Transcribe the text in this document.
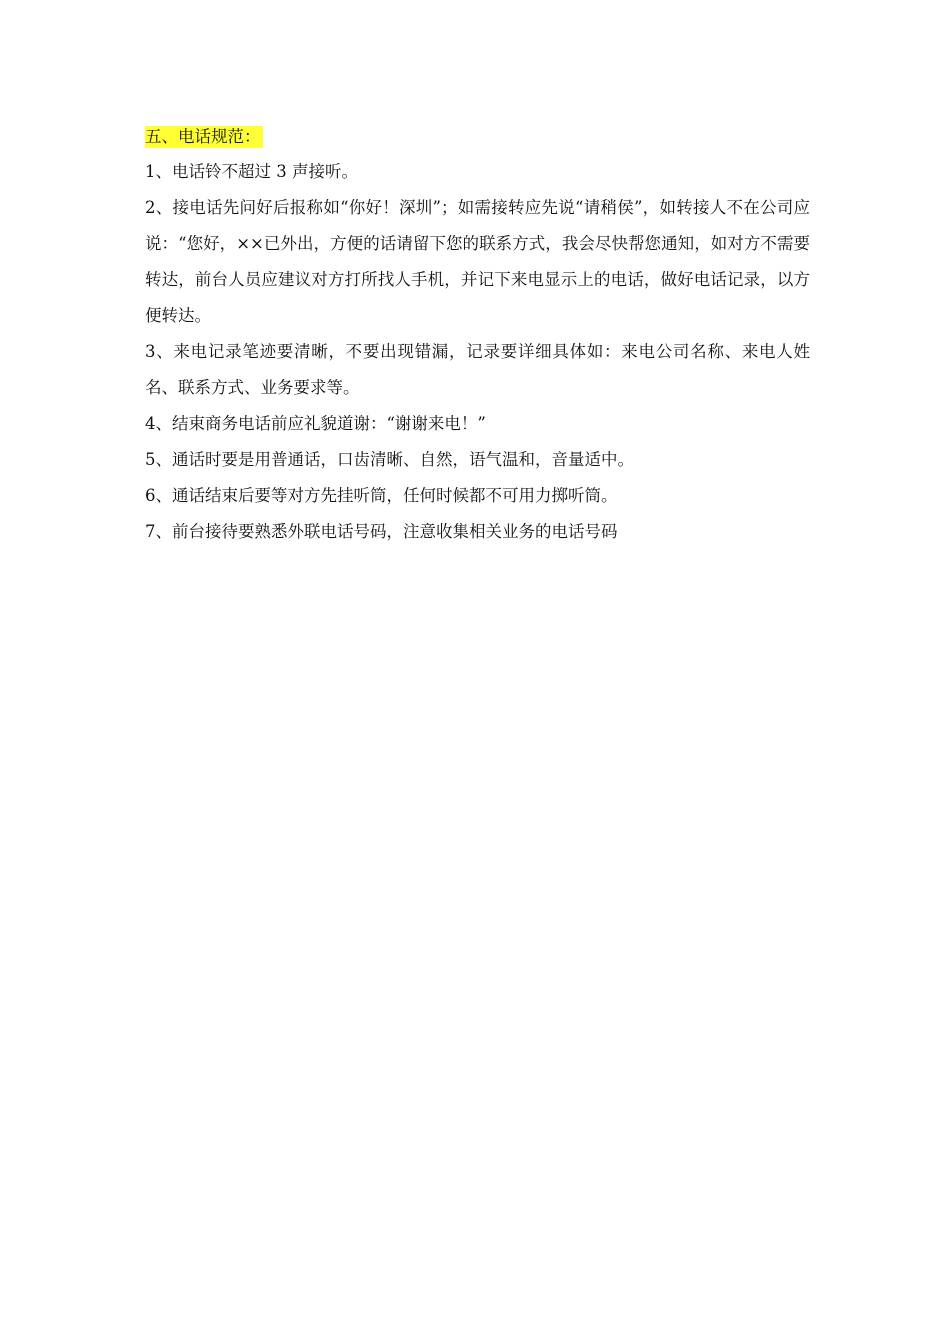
五、电话规范：

1、电话铃不超过 3 声接听。

2、接电话先问好后报称如“你好！深圳”；如需接转应先说“请稍侯”，如转接人不在公司应说：“您好，××已外出，方便的话请留下您的联系方式，我会尽快帮您通知，如对方不需要转达，前台人员应建议对方打所找人手机，并记下来电显示上的电话，做好电话记录，以方便转达。

3、来电记录笔迹要清晰，不要出现错漏，记录要详细具体如：来电公司名称、来电人姓名、联系方式、业务要求等。

4、结束商务电话前应礼貌道谢：“谢谢来电！”

5、通话时要是用普通话，口齿清晰、自然，语气温和，音量适中。

6、通话结束后要等对方先挂听筒，任何时候都不可用力掷听筒。

7、前台接待要熟悉外联电话号码，注意收集相关业务的电话号码
